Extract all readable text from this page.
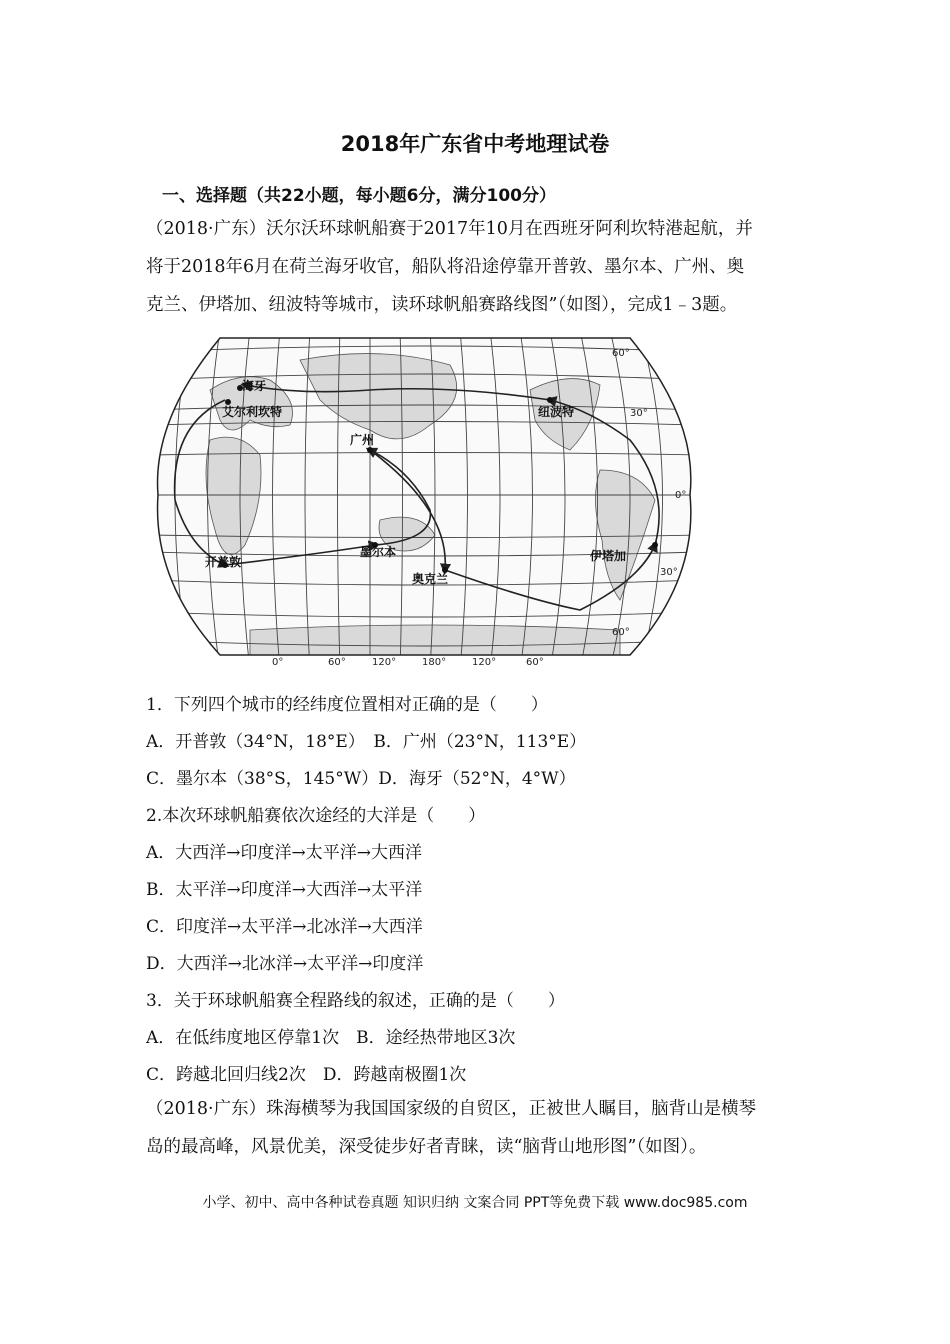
2018年广东省中考地理试卷
一、选择题（共22小题，每小题6分，满分100分）
（2018·广东）沃尔沃环球帆船赛于2017年10月在西班牙阿利坎特港起航，并
将于2018年6月在荷兰海牙收官，船队将沿途停靠开普敦、墨尔本、广州、奥
克兰、伊塔加、纽波特等城市，读环球帆船赛路线图”（如图），完成1﹣3题。
海牙
艾尔利坎特
广州
纽波特
开普敦
墨尔本
奥克兰
伊塔加
60°
30°
0°
30°
60°
0°	60°	120°	180°	120°	60°
1．下列四个城市的经纬度位置相对正确的是（　　）
A．开普敦（34°N，18°E）　B．广州（23°N，113°E）
C．墨尔本（38°S，145°W）D．海牙（52°N，4°W）
2.本次环球帆船赛依次途经的大洋是（　　）
A．大西洋→印度洋→太平洋→大西洋
B．太平洋→印度洋→大西洋→太平洋
C．印度洋→太平洋→北冰洋→大西洋
D．大西洋→北冰洋→太平洋→印度洋
3．关于环球帆船赛全程路线的叙述，正确的是（　　）
A．在低纬度地区停靠1次　B．途经热带地区3次
C．跨越北回归线2次　D．跨越南极圈1次
（2018·广东）珠海横琴为我国国家级的自贸区，正被世人瞩目，脑背山是横琴
岛的最高峰，风景优美，深受徒步好者青睐，读“脑背山地形图”（如图）。
小学、初中、高中各种试卷真题 知识归纳 文案合同 PPT等免费下载 www.doc985.com
